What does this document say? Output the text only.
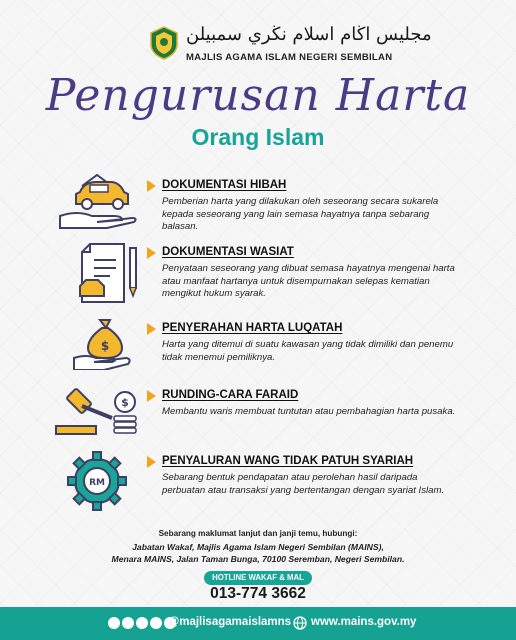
مجليس اڬام اسلام نڬري سمبيلن
MAJLIS AGAMA ISLAM NEGERI SEMBILAN
Pengurusan Harta
Orang Islam
DOKUMENTASI HIBAH
Pemberian harta yang dilakukan oleh seseorang secara sukarela kepada seseorang yang lain semasa hayatnya tanpa sebarang balasan.
DOKUMENTASI WASIAT
Penyataan seseorang yang dibuat semasa hayatnya mengenai harta atau manfaat hartanya untuk disempurnakan selepas kematian mengikut hukum syarak.
$
PENYERAHAN HARTA LUQATAH
Harta yang ditemui di suatu kawasan yang tidak dimiliki dan penemu tidak menemui pemiliknya.
$
RUNDING-CARA FARAID
Membantu waris membuat tuntutan atau pembahagian harta pusaka.
RM
PENYALURAN WANG TIDAK PATUH SYARIAH
Sebarang bentuk pendapatan atau perolehan hasil daripada perbuatan atau transaksi yang bertentangan dengan syariat Islam.
Sebarang maklumat lanjut dan janji temu, hubungi:
Jabatan Wakaf, Majlis Agama Islam Negeri Sembilan (MAINS),
Menara MAINS, Jalan Taman Bunga, 70100 Seremban, Negeri Sembilan.
HOTLINE WAKAF & MAL
013-774 3662
@majlisagamaislamns www.mains.gov.my
